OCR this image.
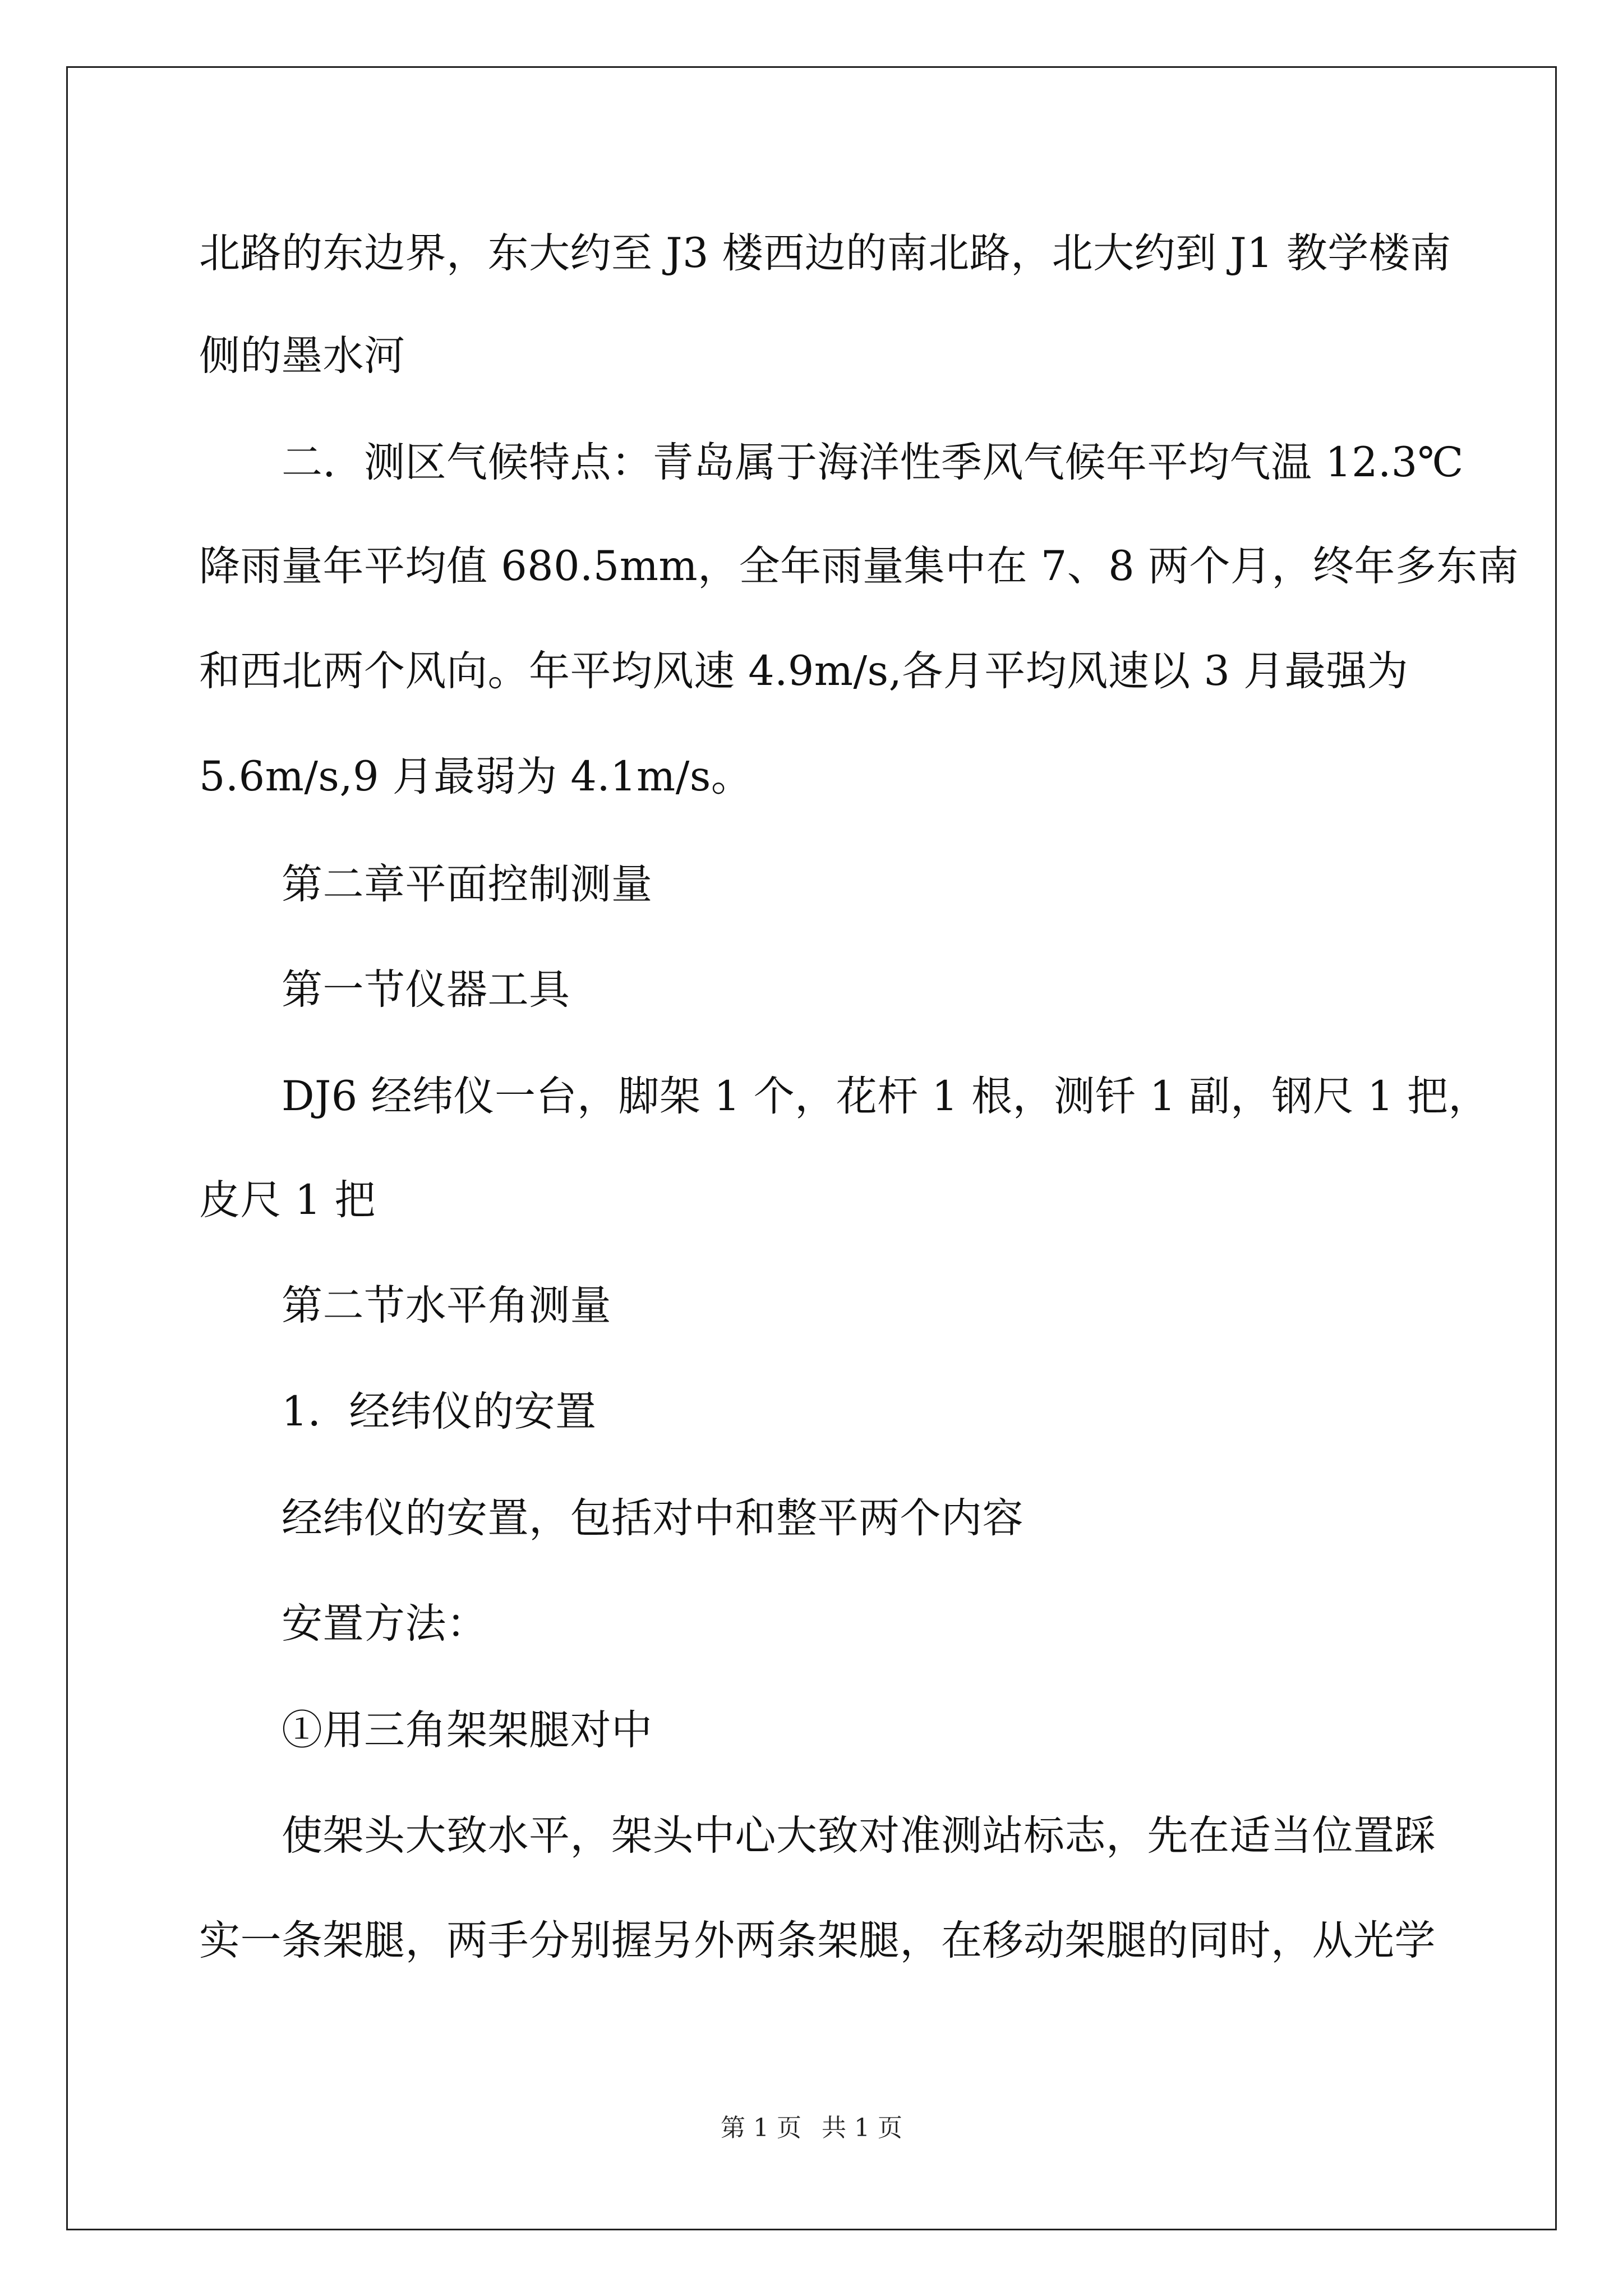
北路的东边界，东大约至 J3 楼西边的南北路，北大约到 J1 教学楼南
侧的墨水河
二．测区气候特点：青岛属于海洋性季风气候年平均气温 12.3℃
降雨量年平均值 680.5mm，全年雨量集中在 7、8 两个月，终年多东南
和西北两个风向。年平均风速 4.9m/s,各月平均风速以 3 月最强为
5.6m/s,9 月最弱为 4.1m/s。
第二章平面控制测量
第一节仪器工具
DJ6 经纬仪一台，脚架 1 个，花杆 1 根，测钎 1 副，钢尺 1 把，
皮尺 1 把
第二节水平角测量
1．经纬仪的安置
经纬仪的安置，包括对中和整平两个内容
安置方法：
①用三角架架腿对中
使架头大致水平，架头中心大致对准测站标志，先在适当位置踩
实一条架腿，两手分别握另外两条架腿，在移动架腿的同时，从光学
第 1 页 共 1 页
